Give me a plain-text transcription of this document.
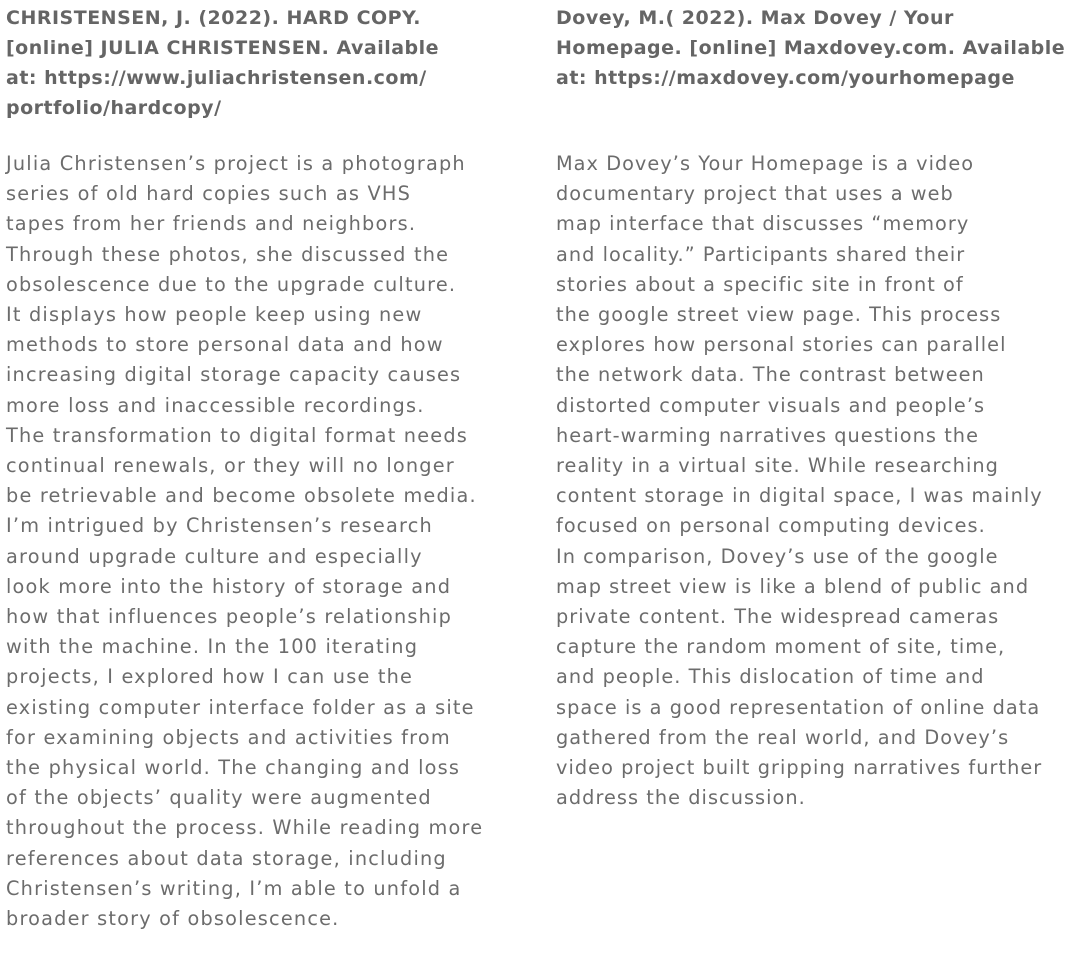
CHRISTENSEN, J. (2022). HARD COPY.
[online] JULIA CHRISTENSEN. Available
at: https://www.juliachristensen.com/
portfolio/hardcopy/

Julia Christensen’s project is a photograph
series of old hard copies such as VHS
tapes from her friends and neighbors.
Through these photos, she discussed the
obsolescence due to the upgrade culture.
It displays how people keep using new
methods to store personal data and how
increasing digital storage capacity causes
more loss and inaccessible recordings.
The transformation to digital format needs
continual renewals, or they will no longer
be retrievable and become obsolete media.
I’m intrigued by Christensen’s research
around upgrade culture and especially
look more into the history of storage and
how that influences people’s relationship
with the machine. In the 100 iterating
projects, I explored how I can use the
existing computer interface folder as a site
for examining objects and activities from
the physical world. The changing and loss
of the objects’ quality were augmented
throughout the process. While reading more
references about data storage, including
Christensen’s writing, I’m able to unfold a
broader story of obsolescence.

Dovey, M.( 2022). Max Dovey / Your
Homepage. [online] Maxdovey.com. Available
at: https://maxdovey.com/yourhomepage

Max Dovey’s Your Homepage is a video
documentary project that uses a web
map interface that discusses “memory
and locality.” Participants shared their
stories about a specific site in front of
the google street view page. This process
explores how personal stories can parallel
the network data. The contrast between
distorted computer visuals and people’s
heart-warming narratives questions the
reality in a virtual site. While researching
content storage in digital space, I was mainly
focused on personal computing devices.
In comparison, Dovey’s use of the google
map street view is like a blend of public and
private content. The widespread cameras
capture the random moment of site, time,
and people. This dislocation of time and
space is a good representation of online data
gathered from the real world, and Dovey’s
video project built gripping narratives further
address the discussion.
